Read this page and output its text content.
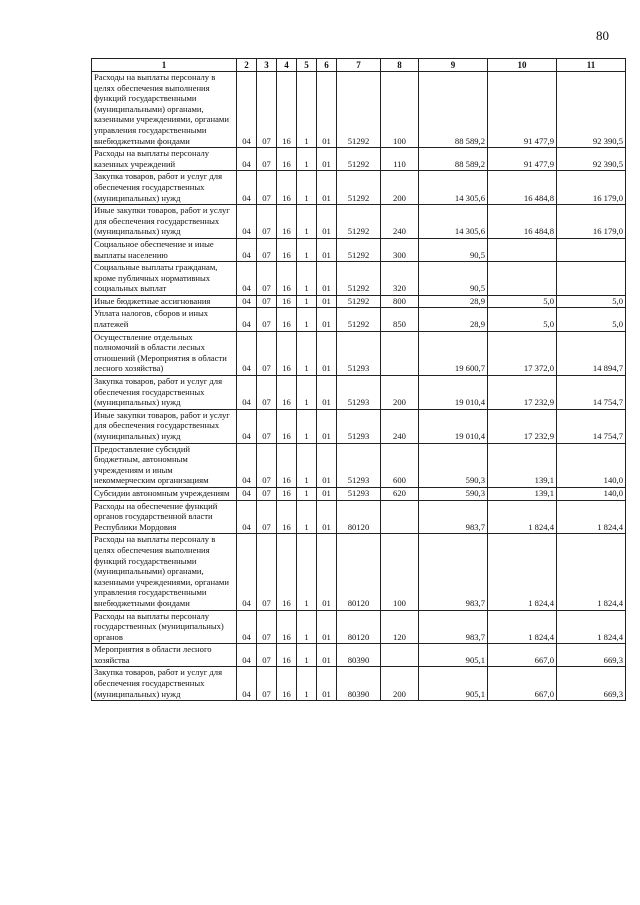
80
1	2	3	4	5	6	7	8	9	10	11
Расходы на выплаты персоналу в целях обеспечения выполнения функций государственными (муниципальными) органами, казенными учреждениями, органами управления государственными внебюджетными фондами	04	07	16	1	01	51292	100	88 589,2	91 477,9	92 390,5
Расходы на выплаты персоналу казенных учреждений	04	07	16	1	01	51292	110	88 589,2	91 477,9	92 390,5
Закупка товаров, работ и услуг для обеспечения государственных (муниципальных) нужд	04	07	16	1	01	51292	200	14 305,6	16 484,8	16 179,0
Иные закупки товаров, работ и услуг для обеспечения государственных (муниципальных) нужд	04	07	16	1	01	51292	240	14 305,6	16 484,8	16 179,0
Социальное обеспечение и иные выплаты населению	04	07	16	1	01	51292	300	90,5		
Социальные выплаты гражданам, кроме публичных нормативных социальных выплат	04	07	16	1	01	51292	320	90,5		
Иные бюджетные ассигнования	04	07	16	1	01	51292	800	28,9	5,0	5,0
Уплата налогов, сборов и иных платежей	04	07	16	1	01	51292	850	28,9	5,0	5,0
Осуществление отдельных полномочий в области лесных отношений (Мероприятия в области лесного хозяйства)	04	07	16	1	01	51293		19 600,7	17 372,0	14 894,7
Закупка товаров, работ и услуг для обеспечения государственных (муниципальных) нужд	04	07	16	1	01	51293	200	19 010,4	17 232,9	14 754,7
Иные закупки товаров, работ и услуг для обеспечения государственных (муниципальных) нужд	04	07	16	1	01	51293	240	19 010,4	17 232,9	14 754,7
Предоставление субсидий бюджетным, автономным учреждениям и иным некоммерческим организациям	04	07	16	1	01	51293	600	590,3	139,1	140,0
Субсидии автономным учреждениям	04	07	16	1	01	51293	620	590,3	139,1	140,0
Расходы на обеспечение функций органов государственной власти Республики Мордовия	04	07	16	1	01	80120		983,7	1 824,4	1 824,4
Расходы на выплаты персоналу в целях обеспечения выполнения функций государственными (муниципальными) органами, казенными учреждениями, органами управления государственными внебюджетными фондами	04	07	16	1	01	80120	100	983,7	1 824,4	1 824,4
Расходы на выплаты персоналу государственных (муниципальных) органов	04	07	16	1	01	80120	120	983,7	1 824,4	1 824,4
Мероприятия в области лесного хозяйства	04	07	16	1	01	80390		905,1	667,0	669,3
Закупка товаров, работ и услуг для обеспечения государственных (муниципальных) нужд	04	07	16	1	01	80390	200	905,1	667,0	669,3
